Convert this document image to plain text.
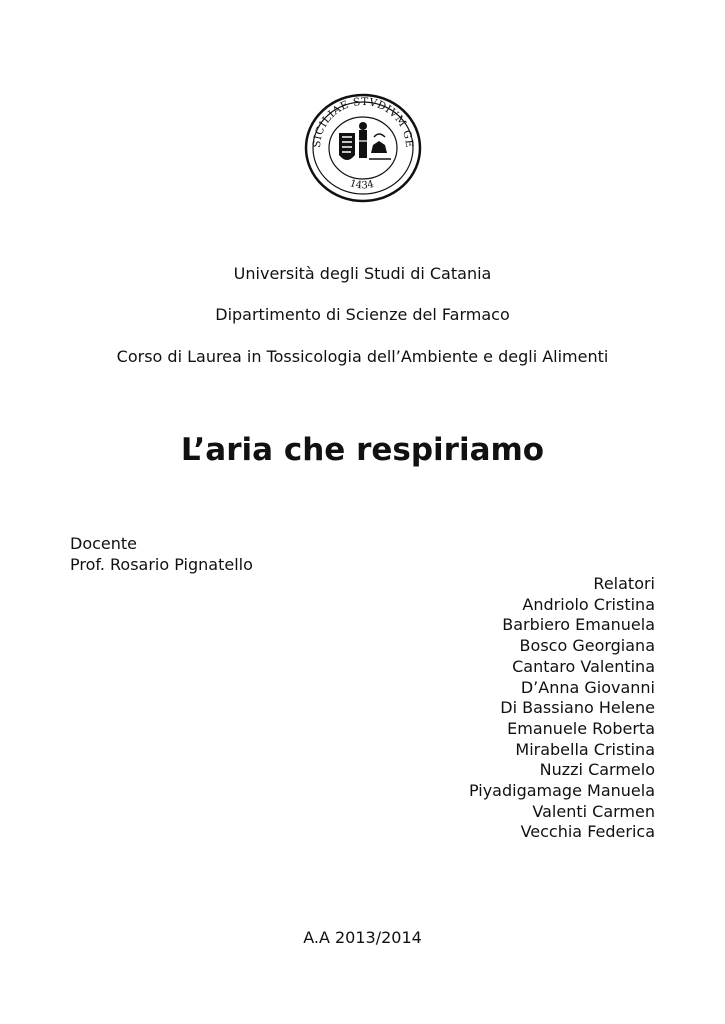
SICILIAE STVDIVM GE
1434
Università degli Studi di Catania
Dipartimento di Scienze del Farmaco
Corso di Laurea in Tossicologia dell’Ambiente e degli Alimenti
L’aria che respiriamo
Docente
Prof. Rosario Pignatello
Relatori
Andriolo Cristina
Barbiero Emanuela
Bosco Georgiana
Cantaro Valentina
D’Anna Giovanni
Di Bassiano Helene
Emanuele Roberta
Mirabella Cristina
Nuzzi Carmelo
Piyadigamage Manuela
Valenti Carmen
Vecchia Federica
A.A 2013/2014
